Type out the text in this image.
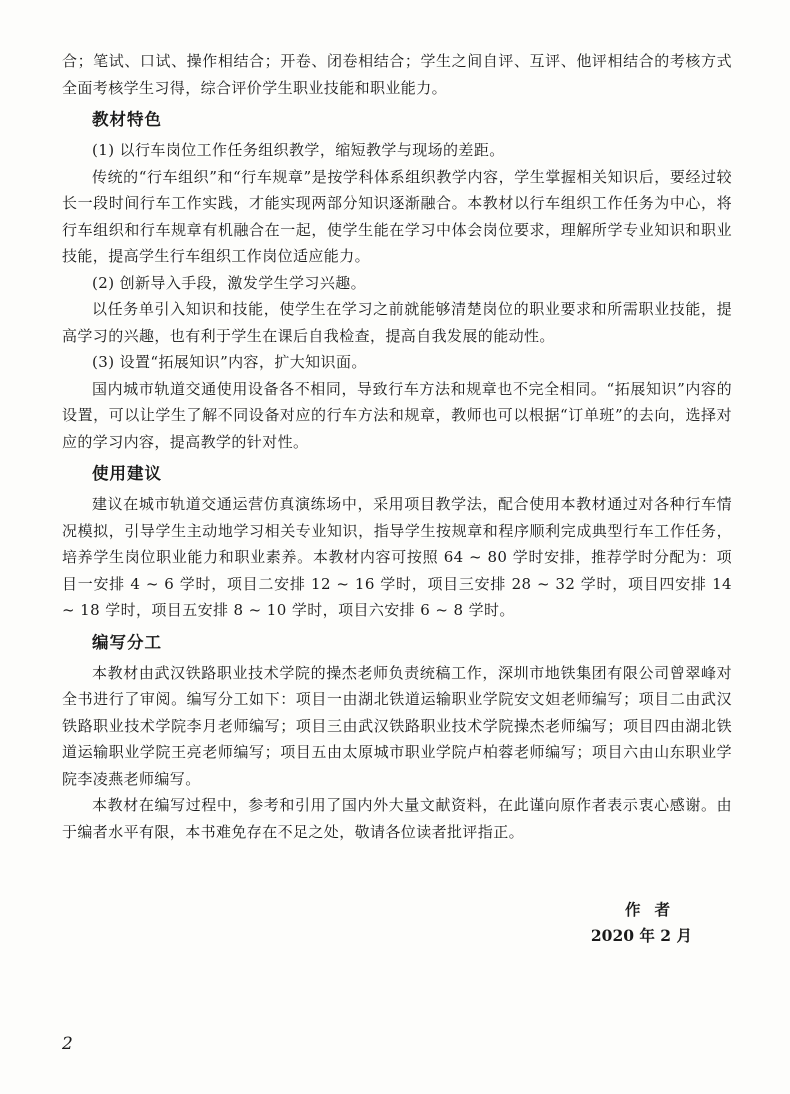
合；笔试、口试、操作相结合；开卷、闭卷相结合；学生之间自评、互评、他评相结合的考核方式全面考核学生习得，综合评价学生职业技能和职业能力。

教材特色

(1) 以行车岗位工作任务组织教学，缩短教学与现场的差距。

传统的“行车组织”和“行车规章”是按学科体系组织教学内容，学生掌握相关知识后，要经过较长一段时间行车工作实践，才能实现两部分知识逐渐融合。本教材以行车组织工作任务为中心，将行车组织和行车规章有机融合在一起，使学生能在学习中体会岗位要求，理解所学专业知识和职业技能，提高学生行车组织工作岗位适应能力。

(2) 创新导入手段，激发学生学习兴趣。

以任务单引入知识和技能，使学生在学习之前就能够清楚岗位的职业要求和所需职业技能，提高学习的兴趣，也有利于学生在课后自我检查，提高自我发展的能动性。

(3) 设置“拓展知识”内容，扩大知识面。

国内城市轨道交通使用设备各不相同，导致行车方法和规章也不完全相同。“拓展知识”内容的设置，可以让学生了解不同设备对应的行车方法和规章，教师也可以根据“订单班”的去向，选择对应的学习内容，提高教学的针对性。

使用建议

建议在城市轨道交通运营仿真演练场中，采用项目教学法，配合使用本教材通过对各种行车情况模拟，引导学生主动地学习相关专业知识，指导学生按规章和程序顺利完成典型行车工作任务，培养学生岗位职业能力和职业素养。本教材内容可按照 64 ~ 80 学时安排，推荐学时分配为：项目一安排 4 ~ 6 学时，项目二安排 12 ~ 16 学时，项目三安排 28 ~ 32 学时，项目四安排 14 ~ 18 学时，项目五安排 8 ~ 10 学时，项目六安排 6 ~ 8 学时。

编写分工

本教材由武汉铁路职业技术学院的操杰老师负责统稿工作，深圳市地铁集团有限公司曾翠峰对全书进行了审阅。编写分工如下：项目一由湖北铁道运输职业学院安文妲老师编写；项目二由武汉铁路职业技术学院李月老师编写；项目三由武汉铁路职业技术学院操杰老师编写；项目四由湖北铁道运输职业学院王亮老师编写；项目五由太原城市职业学院卢柏蓉老师编写；项目六由山东职业学院李凌燕老师编写。

本教材在编写过程中，参考和引用了国内外大量文献资料，在此谨向原作者表示衷心感谢。由于编者水平有限，本书难免存在不足之处，敬请各位读者批评指正。

作者
2020 年 2 月
2
